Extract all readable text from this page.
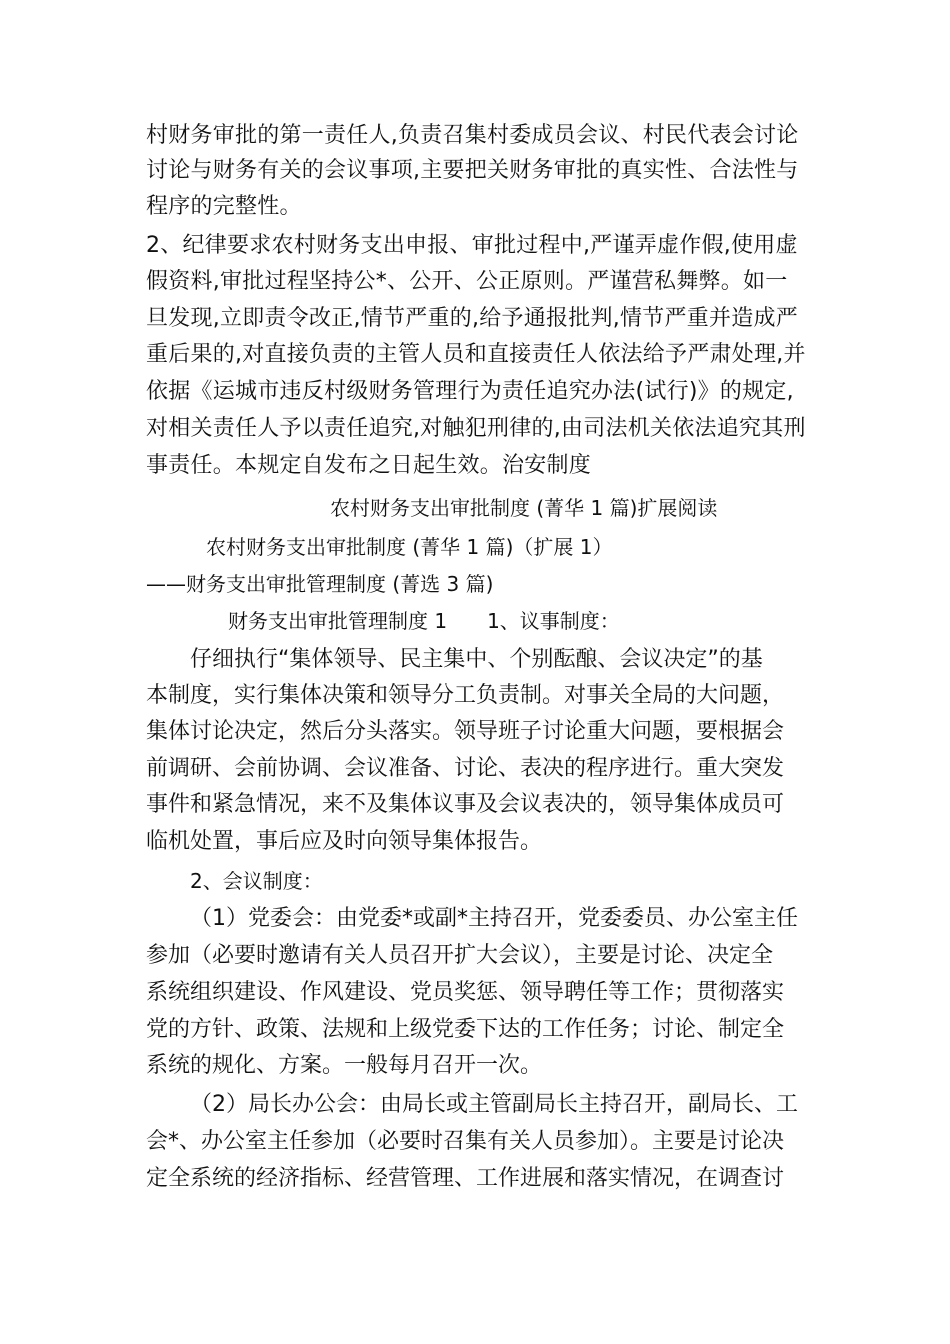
村财务审批的第一责任人,负责召集村委成员会议、村民代表会讨论
讨论与财务有关的会议事项,主要把关财务审批的真实性、合法性与
程序的完整性。
2、纪律要求农村财务支出申报、审批过程中,严谨弄虚作假,使用虚
假资料,审批过程坚持公*、公开、公正原则。严谨营私舞弊。如一
旦发现,立即责令改正,情节严重的,给予通报批判,情节严重并造成严
重后果的,对直接负责的主管人员和直接责任人依法给予严肃处理,并
依据《运城市违反村级财务管理行为责任追究办法(试行)》的规定,
对相关责任人予以责任追究,对触犯刑律的,由司法机关依法追究其刑
事责任。本规定自发布之日起生效。治安制度
农村财务支出审批制度 (菁华 1 篇)扩展阅读
农村财务支出审批制度 (菁华 1 篇)（扩展 1）
——财务支出审批管理制度 (菁选 3 篇)
财务支出审批管理制度 1　　1、议事制度：
仔细执行“集体领导、民主集中、个别酝酿、会议决定”的基
本制度，实行集体决策和领导分工负责制。对事关全局的大问题，
集体讨论决定，然后分头落实。领导班子讨论重大问题，要根据会
前调研、会前协调、会议准备、讨论、表决的程序进行。重大突发
事件和紧急情况，来不及集体议事及会议表决的，领导集体成员可
临机处置，事后应及时向领导集体报告。
2、会议制度：
（1）党委会：由党委*或副*主持召开，党委委员、办公室主任
参加（必要时邀请有关人员召开扩大会议），主要是讨论、决定全
系统组织建设、作风建设、党员奖惩、领导聘任等工作；贯彻落实
党的方针、政策、法规和上级党委下达的工作任务；讨论、制定全
系统的规化、方案。一般每月召开一次。
（2）局长办公会：由局长或主管副局长主持召开，副局长、工
会*、办公室主任参加（必要时召集有关人员参加）。主要是讨论决
定全系统的经济指标、经营管理、工作进展和落实情况，在调查讨
